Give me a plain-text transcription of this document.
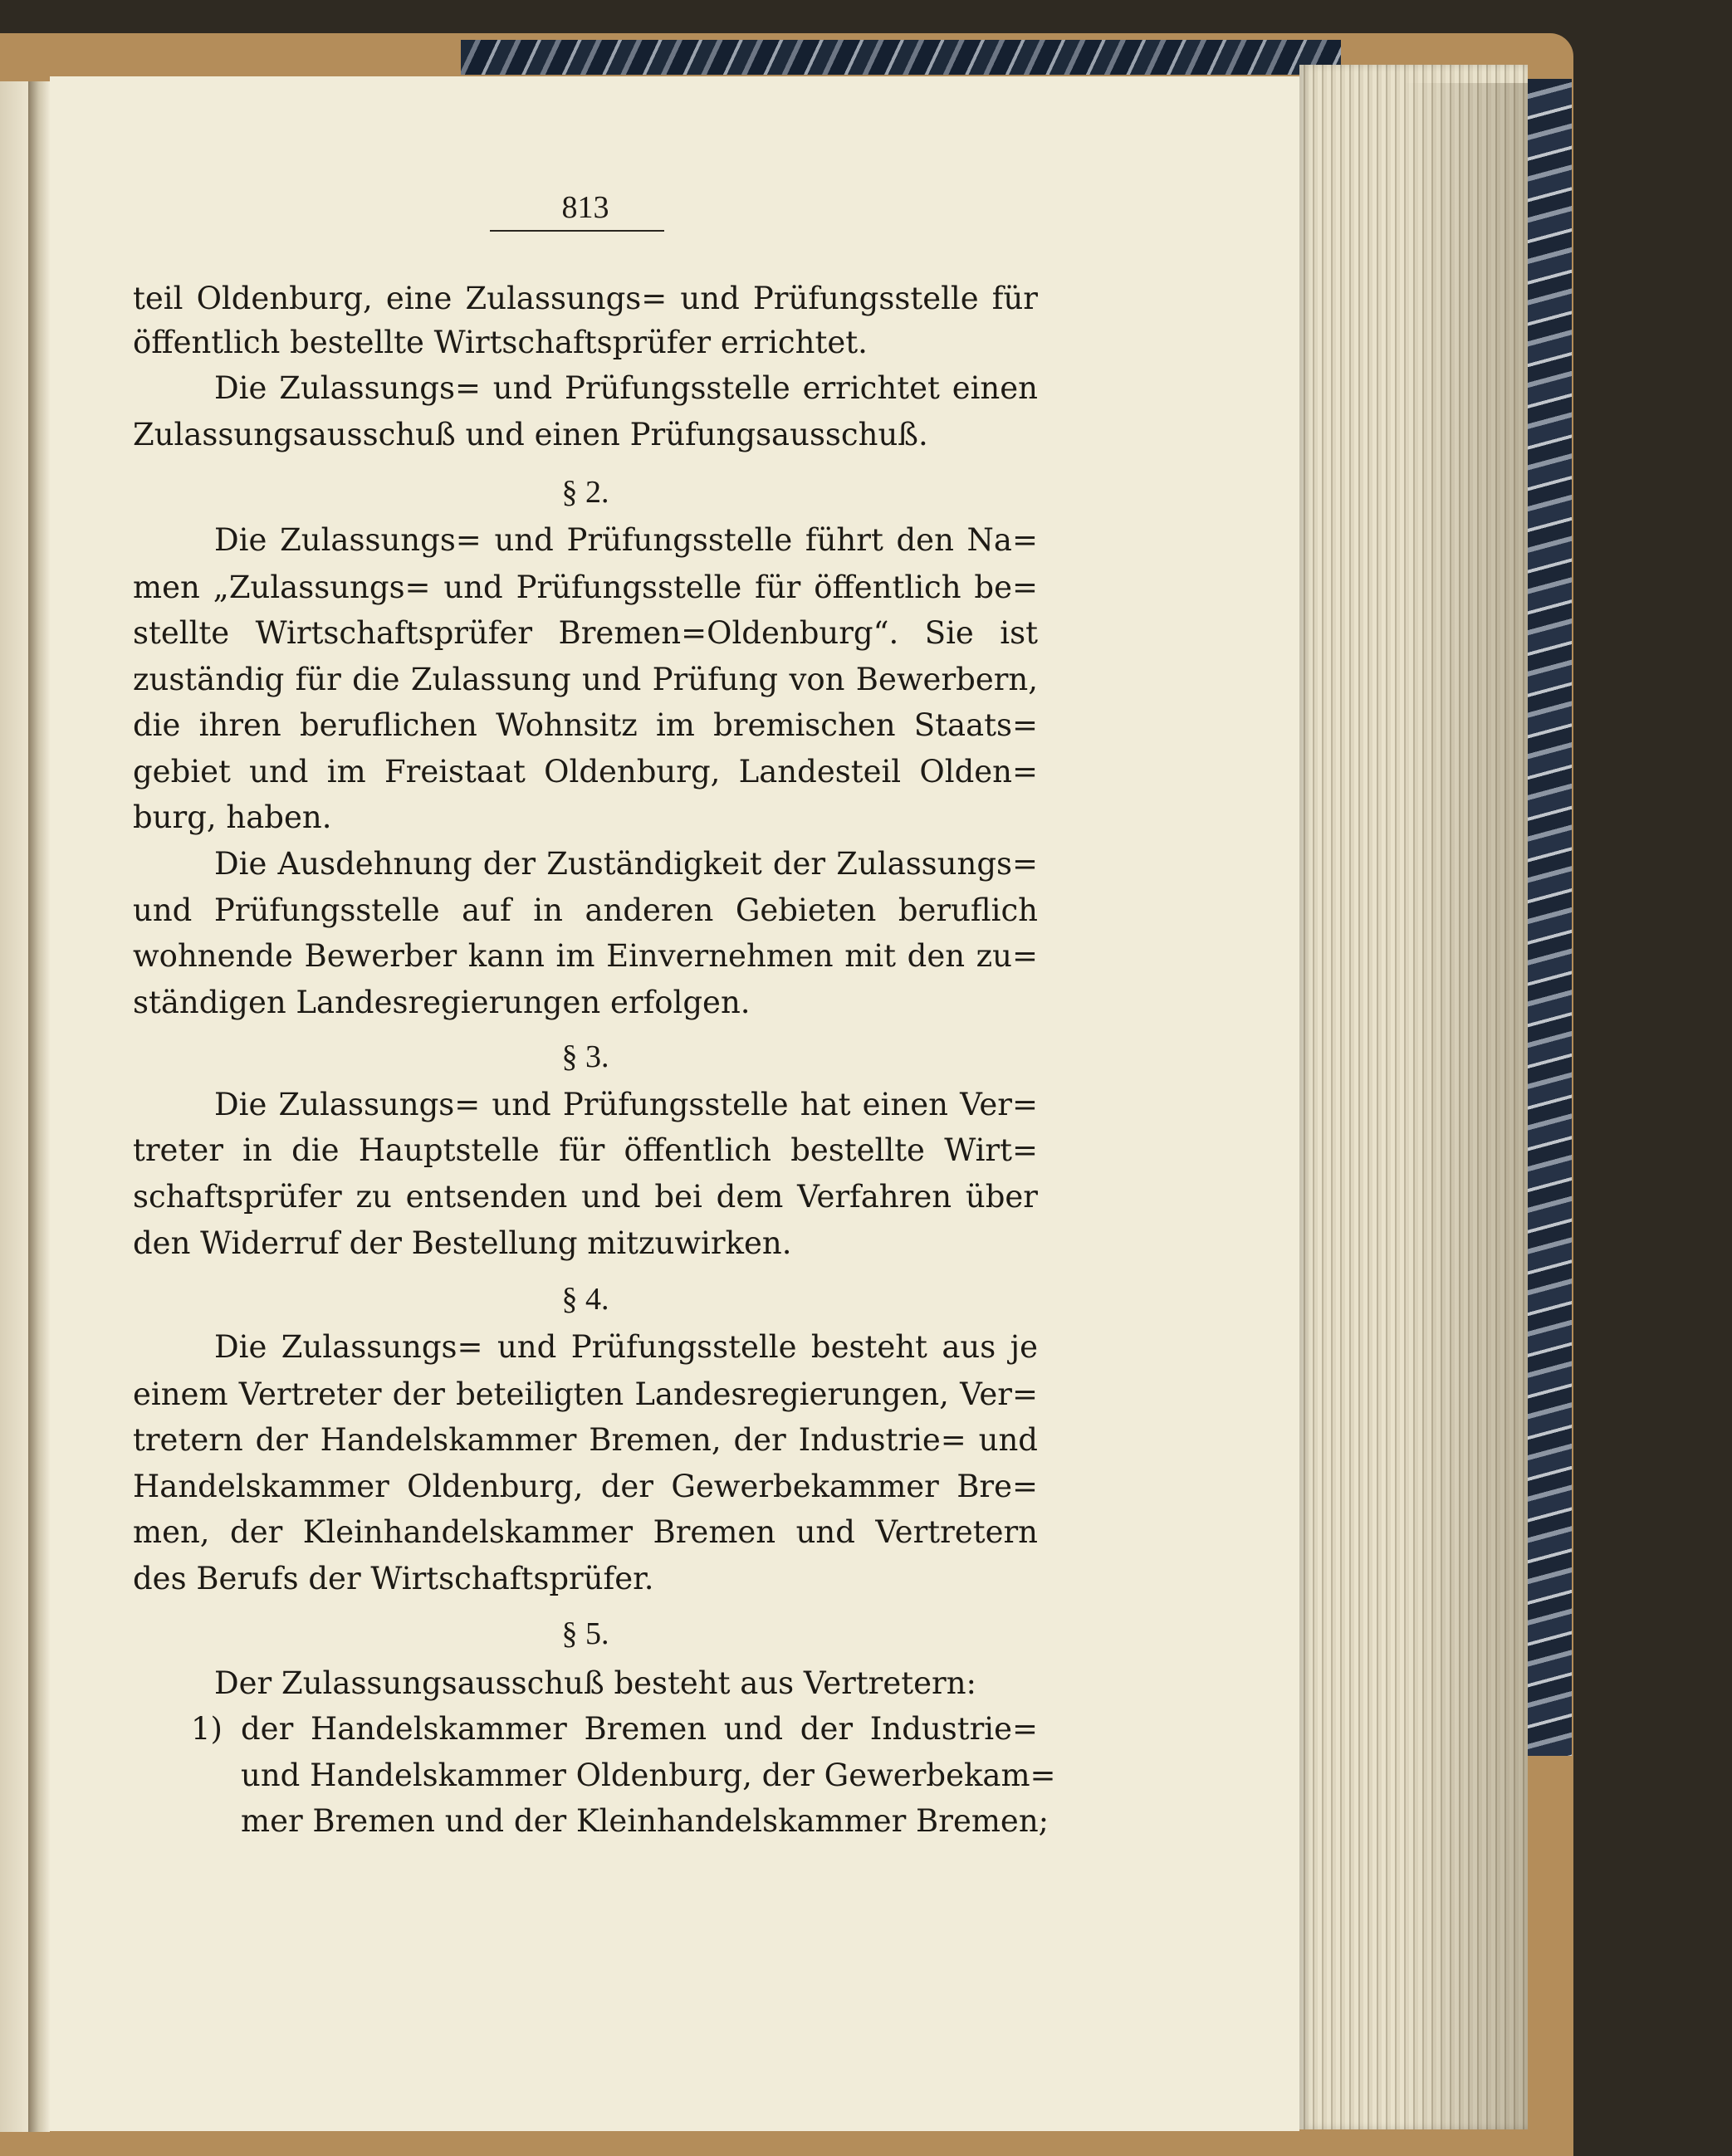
813
teil Oldenburg, eine Zulassungs= und Prüfungsstelle für
öffentlich bestellte Wirtschaftsprüfer errichtet.
Die Zulassungs= und Prüfungsstelle errichtet einen
Zulassungsausschuß und einen Prüfungsausschuß.
§ 2.
Die Zulassungs= und Prüfungsstelle führt den Na=
men „Zulassungs= und Prüfungsstelle für öffentlich be=
stellte Wirtschaftsprüfer Bremen=Oldenburg“. Sie ist
zuständig für die Zulassung und Prüfung von Bewerbern,
die ihren beruflichen Wohnsitz im bremischen Staats=
gebiet und im Freistaat Oldenburg, Landesteil Olden=
burg, haben.
Die Ausdehnung der Zuständigkeit der Zulassungs=
und Prüfungsstelle auf in anderen Gebieten beruflich
wohnende Bewerber kann im Einvernehmen mit den zu=
ständigen Landesregierungen erfolgen.
§ 3.
Die Zulassungs= und Prüfungsstelle hat einen Ver=
treter in die Hauptstelle für öffentlich bestellte Wirt=
schaftsprüfer zu entsenden und bei dem Verfahren über
den Widerruf der Bestellung mitzuwirken.
§ 4.
Die Zulassungs= und Prüfungsstelle besteht aus je
einem Vertreter der beteiligten Landesregierungen, Ver=
tretern der Handelskammer Bremen, der Industrie= und
Handelskammer Oldenburg, der Gewerbekammer Bre=
men, der Kleinhandelskammer Bremen und Vertretern
des Berufs der Wirtschaftsprüfer.
§ 5.
Der Zulassungsausschuß besteht aus Vertretern:
1) der Handelskammer Bremen und der Industrie=
und Handelskammer Oldenburg, der Gewerbekam=
mer Bremen und der Kleinhandelskammer Bremen;
